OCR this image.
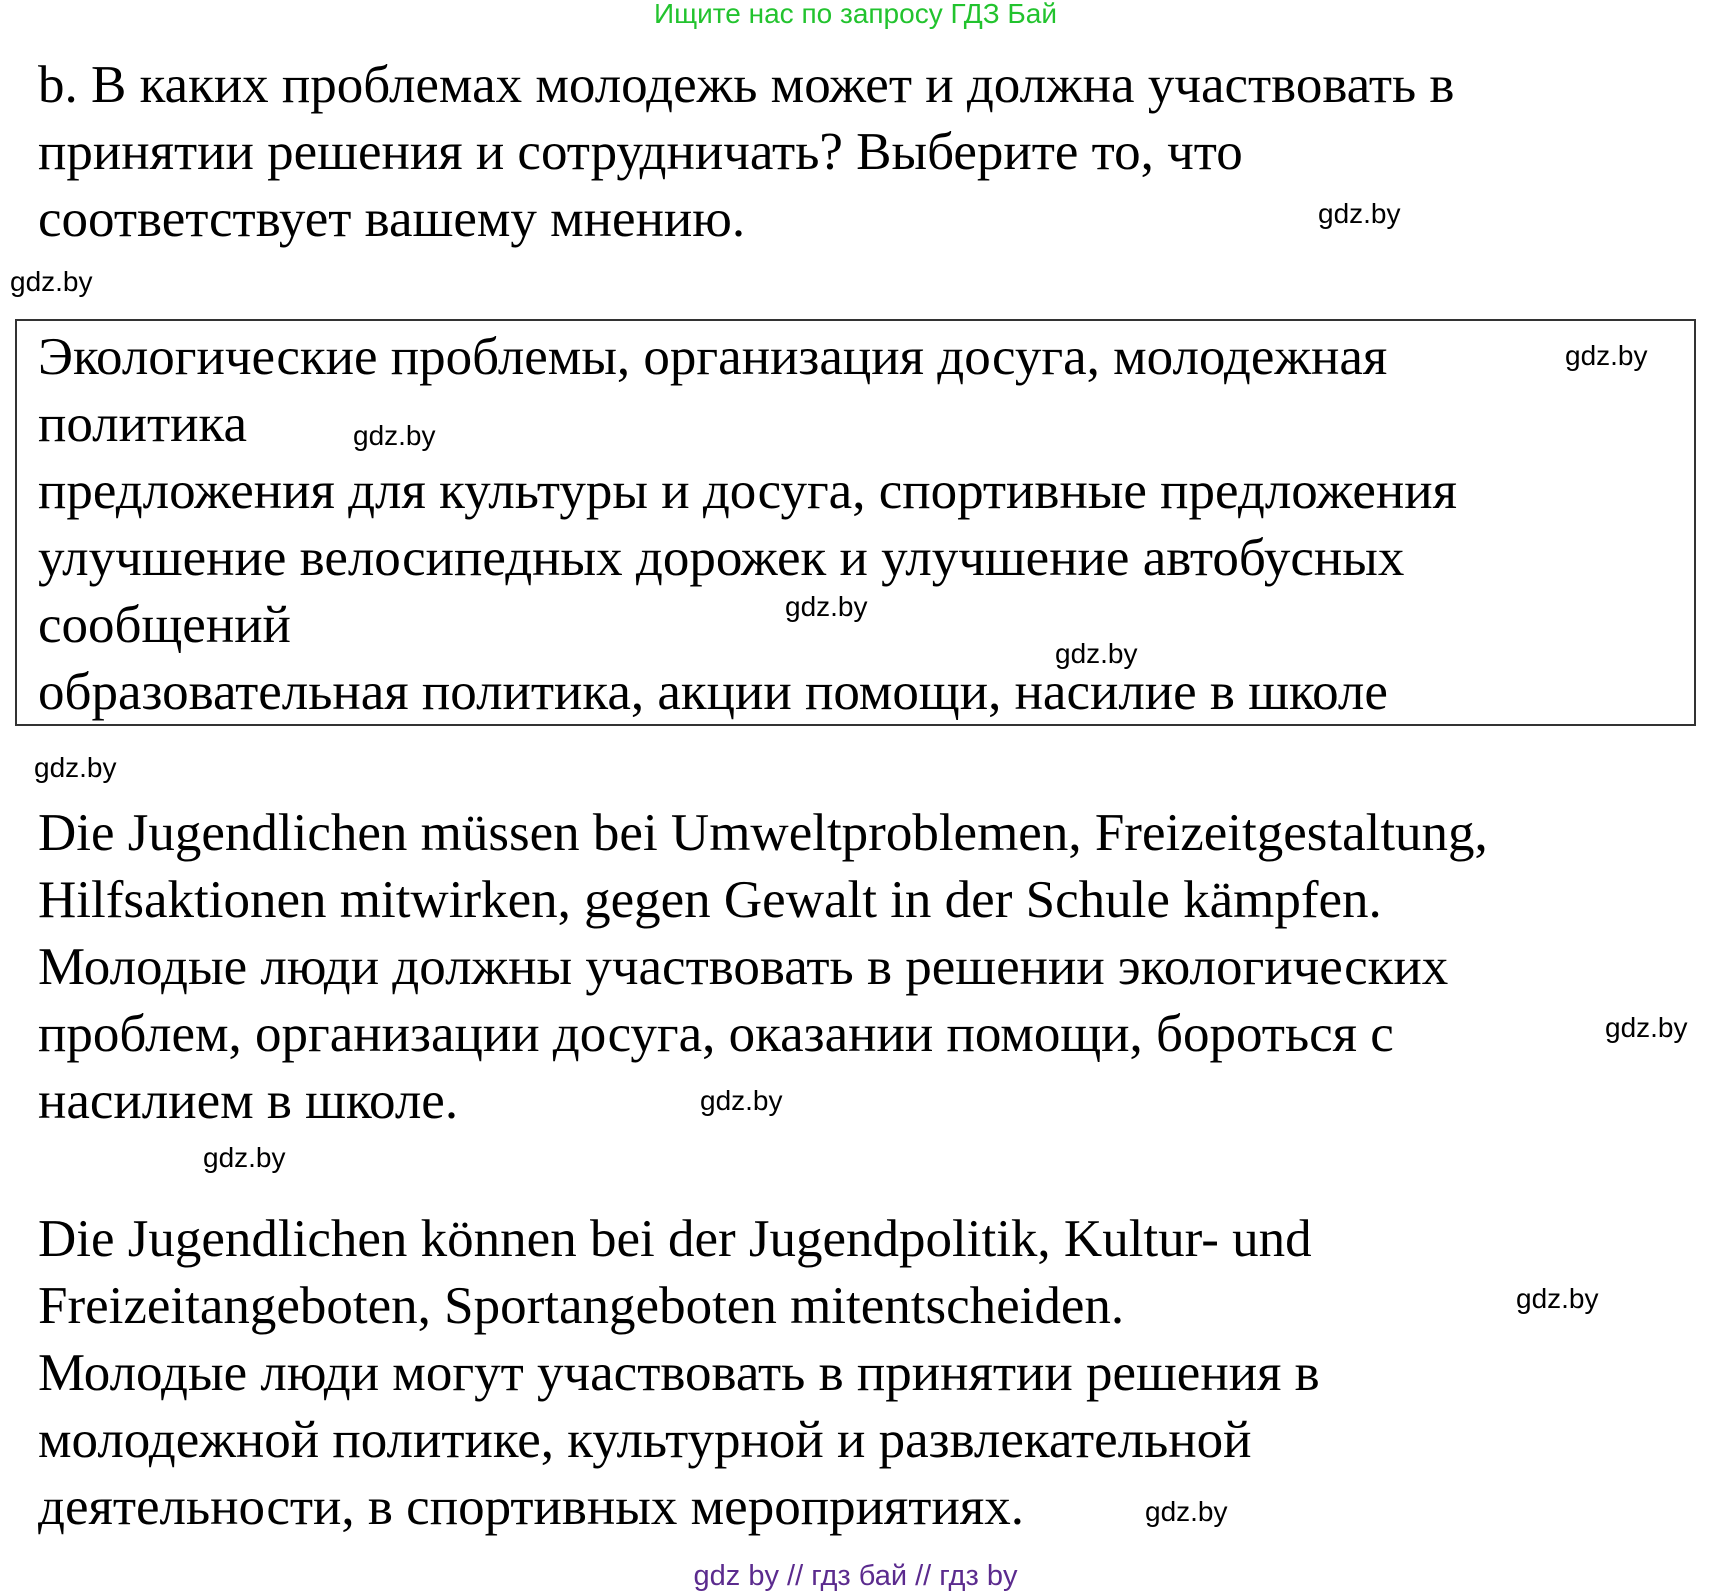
Ищите нас по запросу ГДЗ Бай
b. В каких проблемах молодежь может и должна участвовать в
принятии решения и сотрудничать? Выберите то, что
соответствует вашему мнению.
Экологические проблемы, организация досуга, молодежная
политика
предложения для культуры и досуга, спортивные предложения
улучшение велосипедных дорожек и улучшение автобусных
сообщений
образовательная политика, акции помощи, насилие в школе
Die Jugendlichen müssen bei Umweltproblemen, Freizeitgestaltung,
Hilfsaktionen mitwirken, gegen Gewalt in der Schule kämpfen.
Молодые люди должны участвовать в решении экологических
проблем, организации досуга, оказании помощи, бороться с
насилием в школе.
Die Jugendlichen können bei der Jugendpolitik, Kultur- und
Freizeitangeboten, Sportangeboten mitentscheiden.
Молодые люди могут участвовать в принятии решения в
молодежной политике, культурной и развлекательной
деятельности, в спортивных мероприятиях.
gdz.by
gdz.by
gdz.by
gdz.by
gdz.by
gdz.by
gdz.by
gdz.by
gdz.by
gdz.by
gdz.by
gdz.by
gdz by // гдз бай // гдз by
